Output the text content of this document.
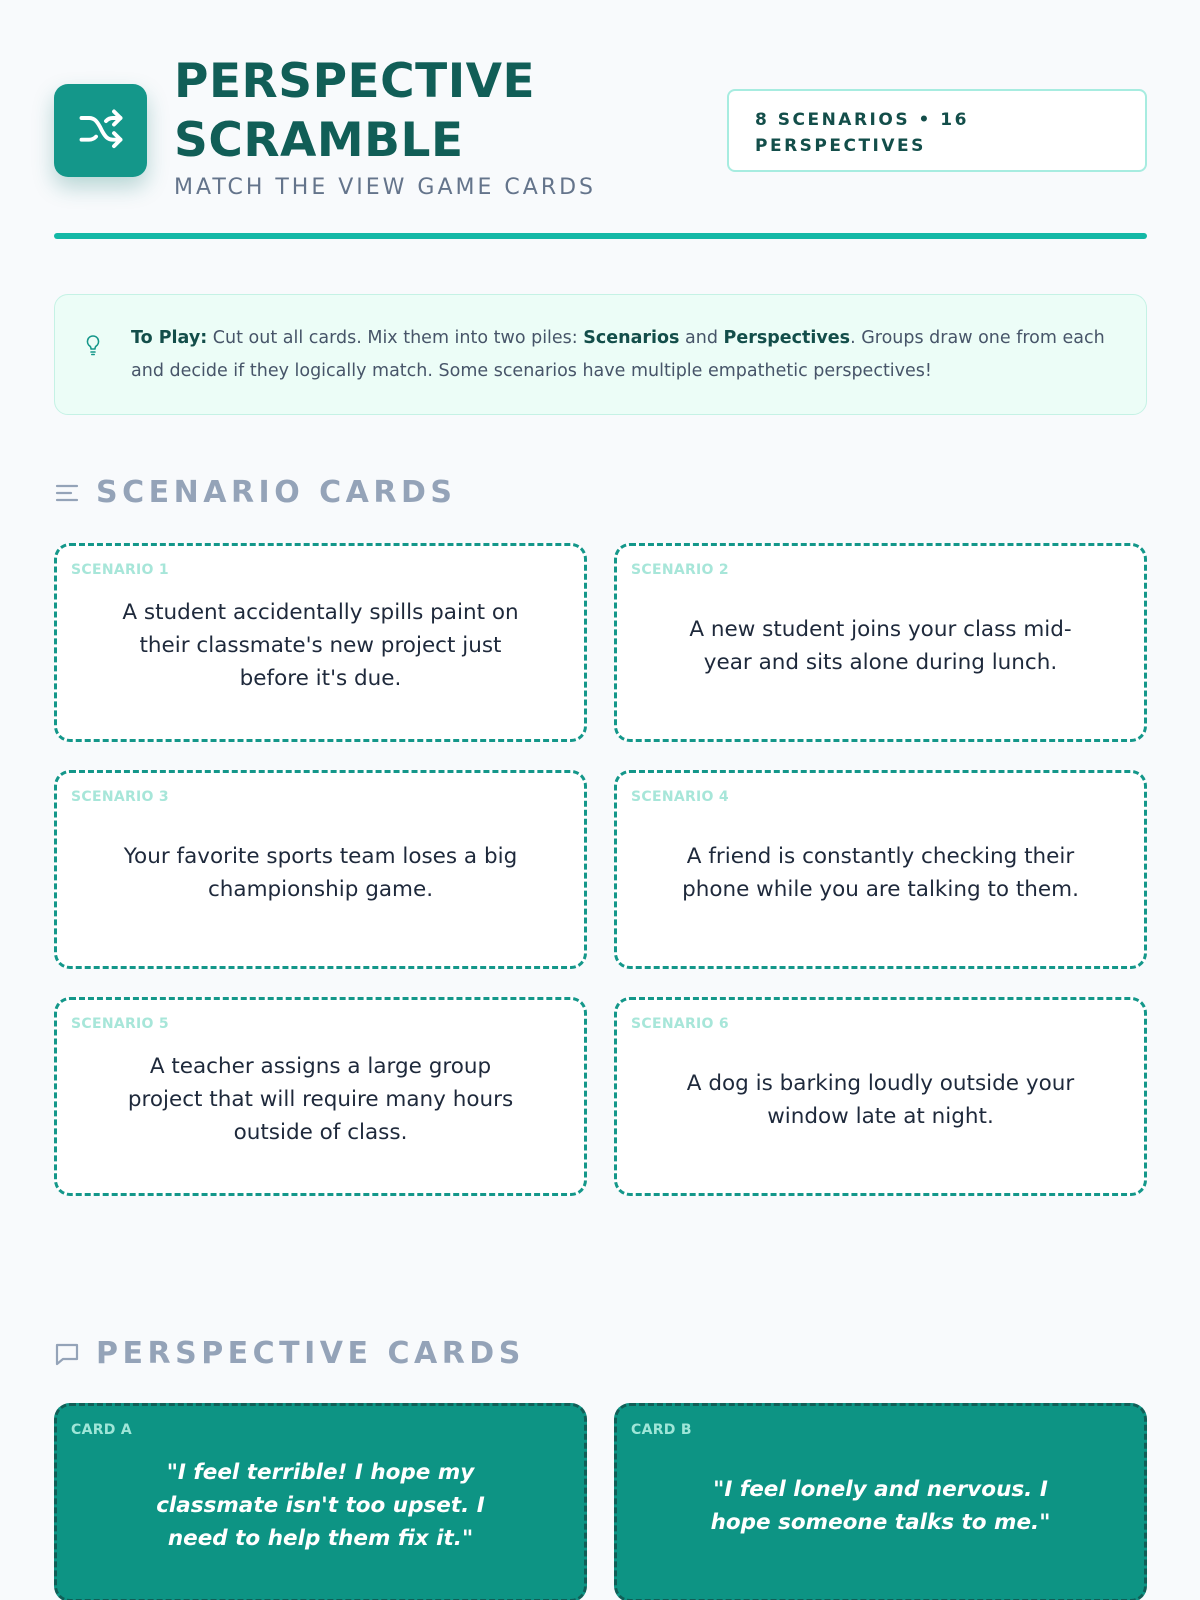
PERSPECTIVE
SCRAMBLE
MATCH THE VIEW GAME CARDS
8 SCENARIOS • 16
PERSPECTIVES

To Play: Cut out all cards. Mix them into two piles: Scenarios and Perspectives. Groups draw one from each and decide if they logically match. Some scenarios have multiple empathetic perspectives!

SCENARIO CARDS
SCENARIO 1
A student accidentally spills paint on their classmate's new project just before it's due.
SCENARIO 2
A new student joins your class mid-year and sits alone during lunch.
SCENARIO 3
Your favorite sports team loses a big championship game.
SCENARIO 4
A friend is constantly checking their phone while you are talking to them.
SCENARIO 5
A teacher assigns a large group project that will require many hours outside of class.
SCENARIO 6
A dog is barking loudly outside your window late at night.
PERSPECTIVE CARDS
CARD A
"I feel terrible! I hope my classmate isn't too upset. I need to help them fix it."
CARD B
"I feel lonely and nervous. I hope someone talks to me."
